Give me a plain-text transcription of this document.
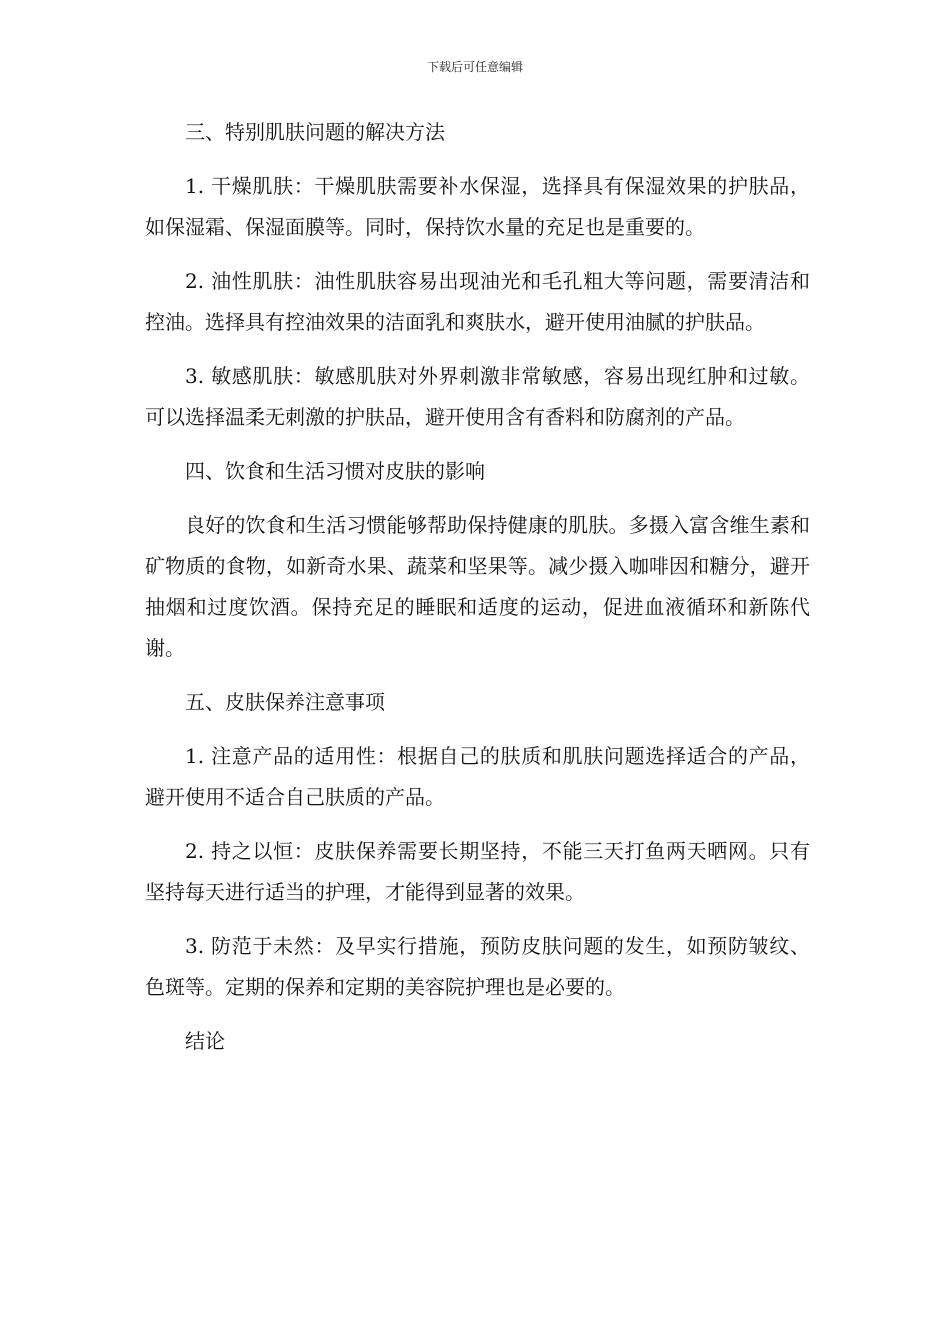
下载后可任意编辑
三、特别肌肤问题的解决方法
1. 干燥肌肤：干燥肌肤需要补水保湿，选择具有保湿效果的护肤品，如保湿霜、保湿面膜等。同时，保持饮水量的充足也是重要的。
2. 油性肌肤：油性肌肤容易出现油光和毛孔粗大等问题，需要清洁和控油。选择具有控油效果的洁面乳和爽肤水，避开使用油腻的护肤品。
3. 敏感肌肤：敏感肌肤对外界刺激非常敏感，容易出现红肿和过敏。可以选择温柔无刺激的护肤品，避开使用含有香料和防腐剂的产品。
四、饮食和生活习惯对皮肤的影响
良好的饮食和生活习惯能够帮助保持健康的肌肤。多摄入富含维生素和矿物质的食物，如新奇水果、蔬菜和坚果等。减少摄入咖啡因和糖分，避开抽烟和过度饮酒。保持充足的睡眠和适度的运动，促进血液循环和新陈代谢。
五、皮肤保养注意事项
1. 注意产品的适用性：根据自己的肤质和肌肤问题选择适合的产品，避开使用不适合自己肤质的产品。
2. 持之以恒：皮肤保养需要长期坚持，不能三天打鱼两天晒网。只有坚持每天进行适当的护理，才能得到显著的效果。
3. 防范于未然：及早实行措施，预防皮肤问题的发生，如预防皱纹、色斑等。定期的保养和定期的美容院护理也是必要的。
结论
